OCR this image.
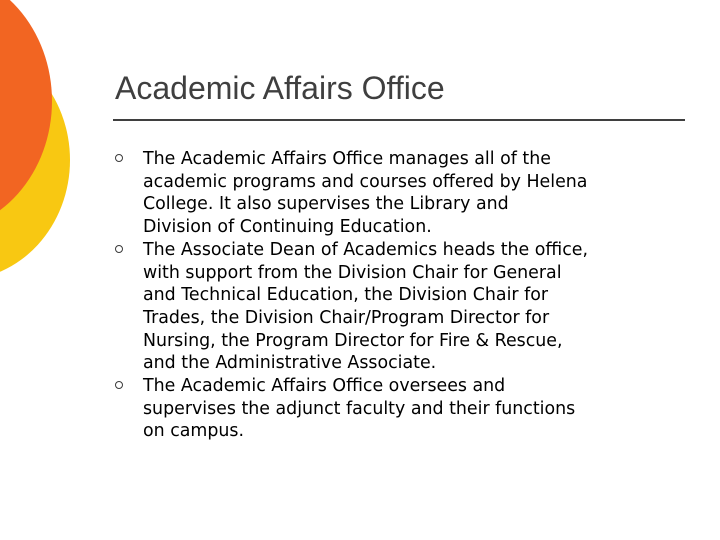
Academic Affairs Office
The Academic Affairs Office manages all of the
academic programs and courses offered by Helena
College. It also supervises the Library and
Division of Continuing Education.
The Associate Dean of Academics heads the office,
with support from the Division Chair for General
and Technical Education, the Division Chair for
Trades, the Division Chair/Program Director for
Nursing, the Program Director for Fire & Rescue,
and the Administrative Associate.
The Academic Affairs Office oversees and
supervises the adjunct faculty and their functions
on campus.
